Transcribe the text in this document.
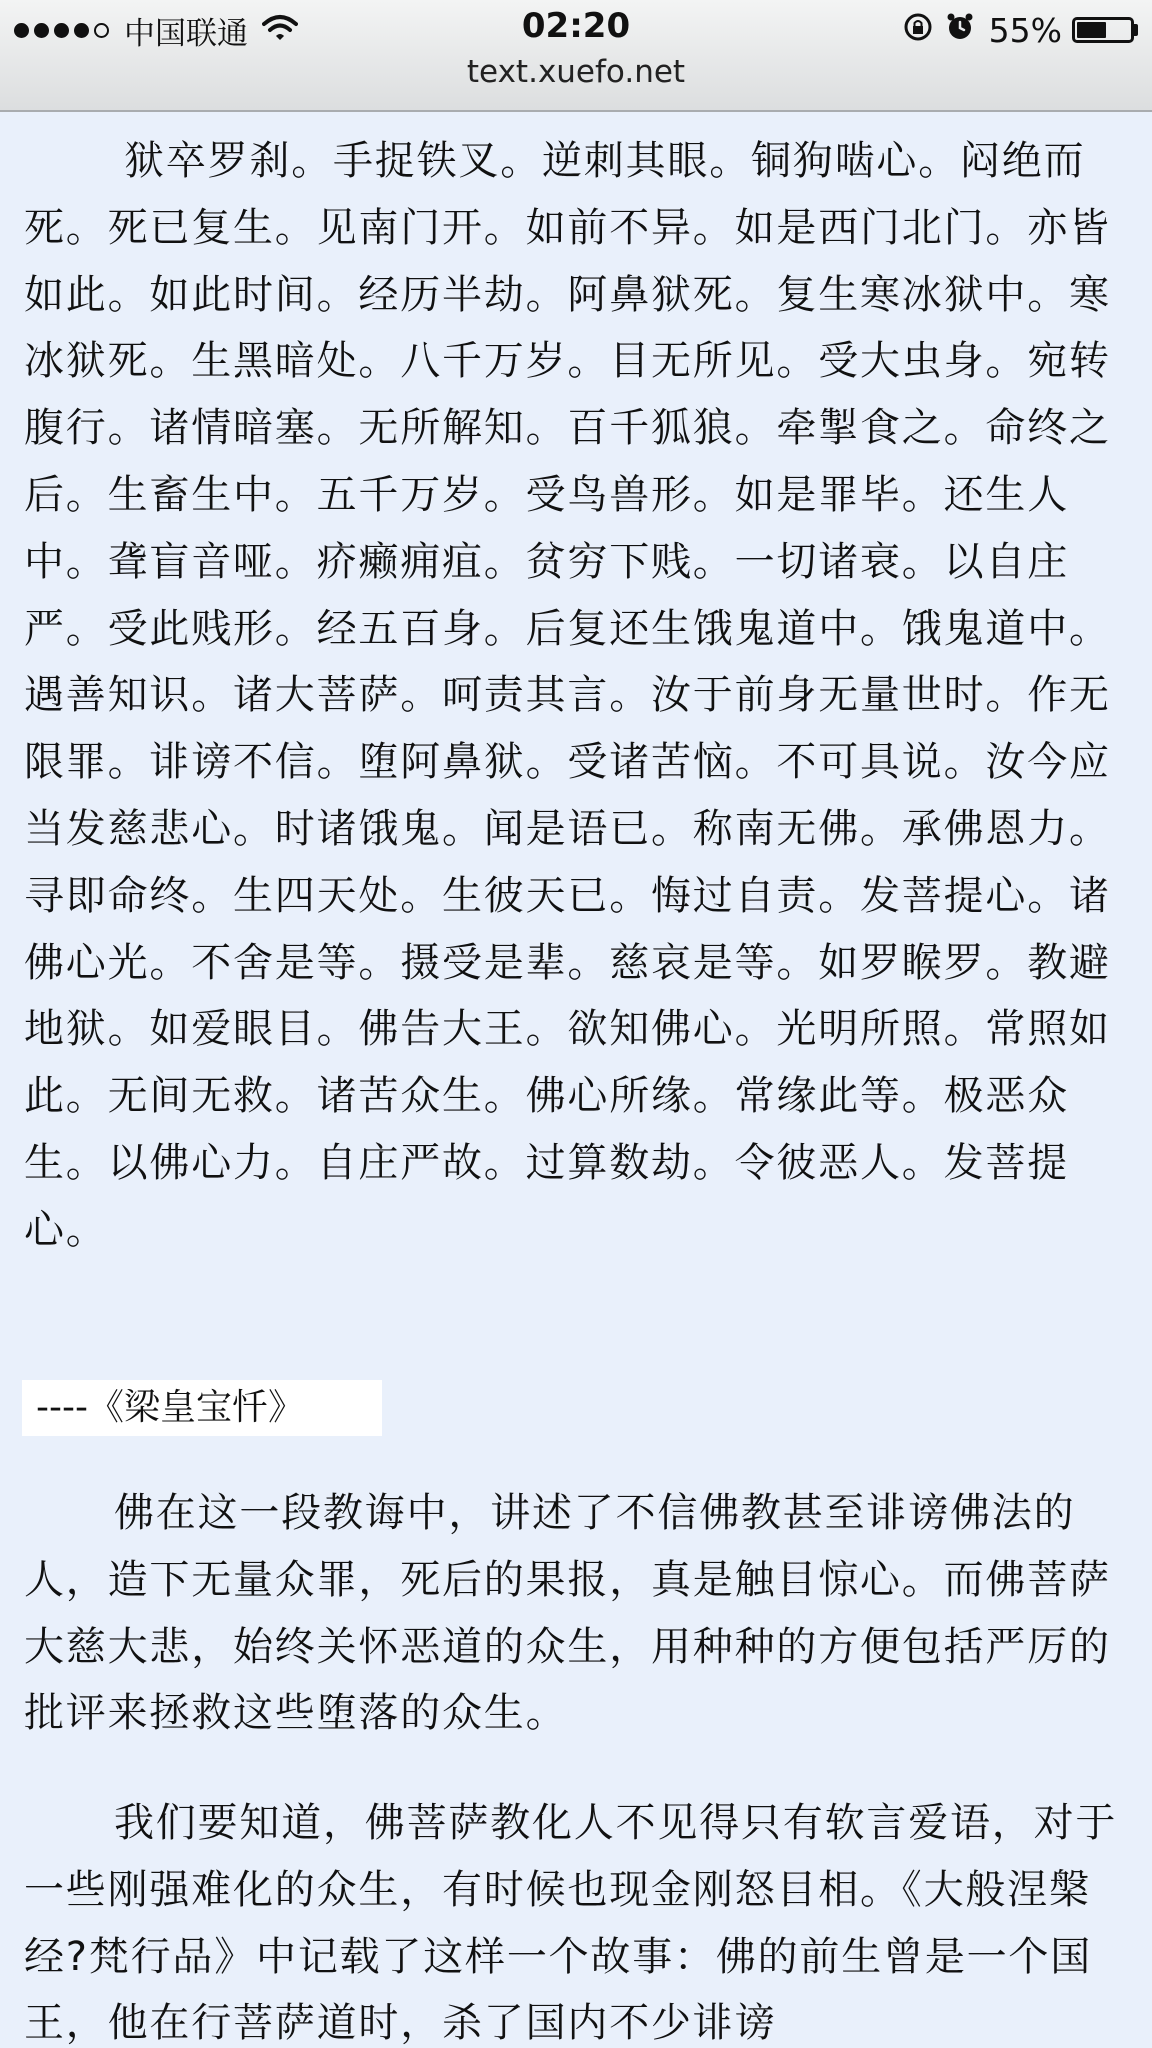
中国联通	02:20	55%
text.xuefo.net

狱卒罗刹。手捉铁叉。逆刺其眼。铜狗啮心。闷绝而死。死已复生。见南门开。如前不异。如是西门北门。亦皆如此。如此时间。经历半劫。阿鼻狱死。复生寒冰狱中。寒冰狱死。生黑暗处。八千万岁。目无所见。受大虫身。宛转腹行。诸情暗塞。无所解知。百千狐狼。牵掣食之。命终之后。生畜生中。五千万岁。受鸟兽形。如是罪毕。还生人中。聋盲音哑。疥癞痈疽。贫穷下贱。一切诸衰。以自庄严。受此贱形。经五百身。后复还生饿鬼道中。饿鬼道中。遇善知识。诸大菩萨。呵责其言。汝于前身无量世时。作无限罪。诽谤不信。堕阿鼻狱。受诸苦恼。不可具说。汝今应当发慈悲心。时诸饿鬼。闻是语已。称南无佛。承佛恩力。寻即命终。生四天处。生彼天已。悔过自责。发菩提心。诸佛心光。不舍是等。摄受是辈。慈哀是等。如罗睺罗。教避地狱。如爱眼目。佛告大王。欲知佛心。光明所照。常照如此。无间无救。诸苦众生。佛心所缘。常缘此等。极恶众生。以佛心力。自庄严故。过算数劫。令彼恶人。发菩提心。

----《梁皇宝忏》

佛在这一段教诲中，讲述了不信佛教甚至诽谤佛法的人，造下无量众罪，死后的果报，真是触目惊心。而佛菩萨大慈大悲，始终关怀恶道的众生，用种种的方便包括严厉的批评来拯救这些堕落的众生。

我们要知道，佛菩萨教化人不见得只有软言爱语，对于一些刚强难化的众生，有时候也现金刚怒目相。《大般涅槃经?梵行品》中记载了这样一个故事：佛的前生曾是一个国王，他在行菩萨道时，杀了国内不少诽谤
